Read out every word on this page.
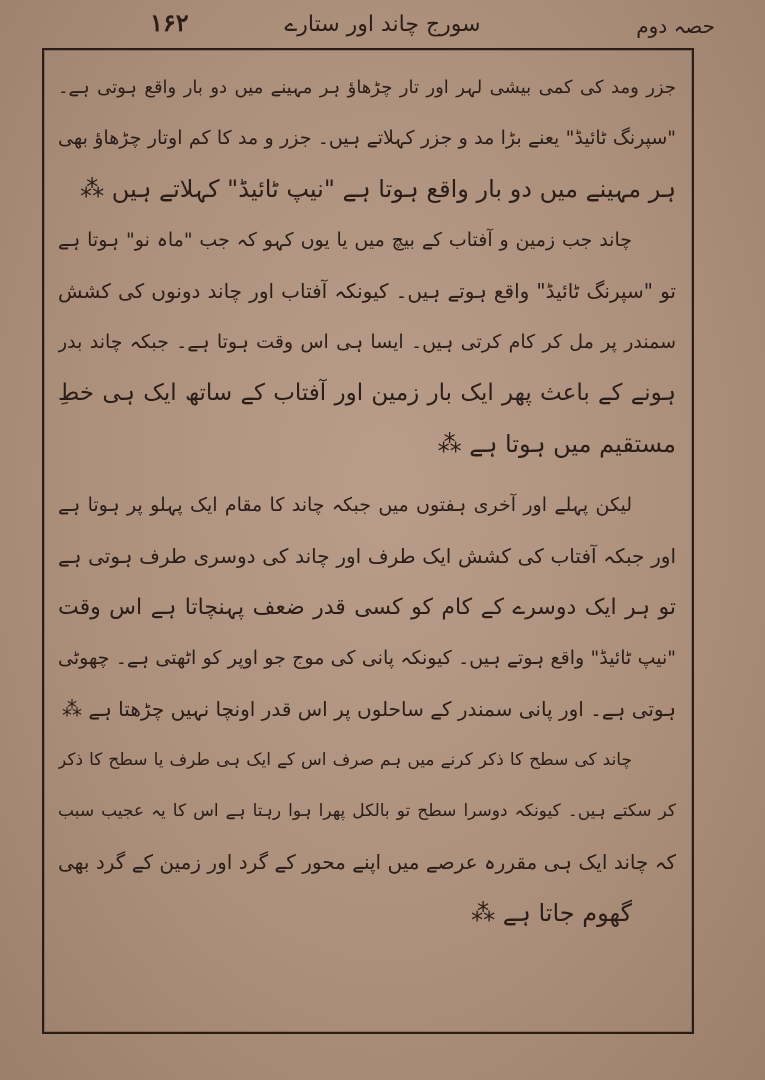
۱۶۲	سورج چاند اور ستارے	حصہ دوم
جزر ومد کی کمی بیشی لہر اور تار چڑھاؤ ہر مہینے میں دو بار واقع ہوتی ہے۔
"سپرنگ ٹائیڈ" یعنے بڑا مد و جزر کہلاتے ہیں۔ جزر و مد کا کم اوتار چڑھاؤ بھی
ہر مہینے میں دو بار واقع ہوتا ہے "نیپ ٹائیڈ" کہلاتے ہیں ⁂
چاند جب زمین و آفتاب کے بیچ میں یا یوں کہو کہ جب "ماہ نو" ہوتا ہے
تو "سپرنگ ٹائیڈ" واقع ہوتے ہیں۔ کیونکہ آفتاب اور چاند دونوں کی کشش
سمندر پر مل کر کام کرتی ہیں۔ ایسا ہی اس وقت ہوتا ہے۔ جبکہ چاند بدر
ہونے کے باعث پھر ایک بار زمین اور آفتاب کے ساتھ ایک ہی خطِ
مستقیم میں ہوتا ہے ⁂
لیکن پہلے اور آخری ہفتوں میں جبکہ چاند کا مقام ایک پہلو پر ہوتا ہے
اور جبکہ آفتاب کی کشش ایک طرف اور چاند کی دوسری طرف ہوتی ہے
تو ہر ایک دوسرے کے کام کو کسی قدر ضعف پہنچاتا ہے اس وقت
"نیپ ٹائیڈ" واقع ہوتے ہیں۔ کیونکہ پانی کی موج جو اوپر کو اٹھتی ہے۔ چھوٹی
ہوتی ہے۔ اور پانی سمندر کے ساحلوں پر اس قدر اونچا نہیں چڑھتا ہے ⁂
چاند کی سطح کا ذکر کرنے میں ہم صرف اس کے ایک ہی طرف یا سطح کا ذکر
کر سکتے ہیں۔ کیونکہ دوسرا سطح تو بالکل پھرا ہوا رہتا ہے اس کا یہ عجیب سبب
کہ چاند ایک ہی مقررہ عرصے میں اپنے محور کے گرد اور زمین کے گرد بھی
گھوم جاتا ہے ⁂
